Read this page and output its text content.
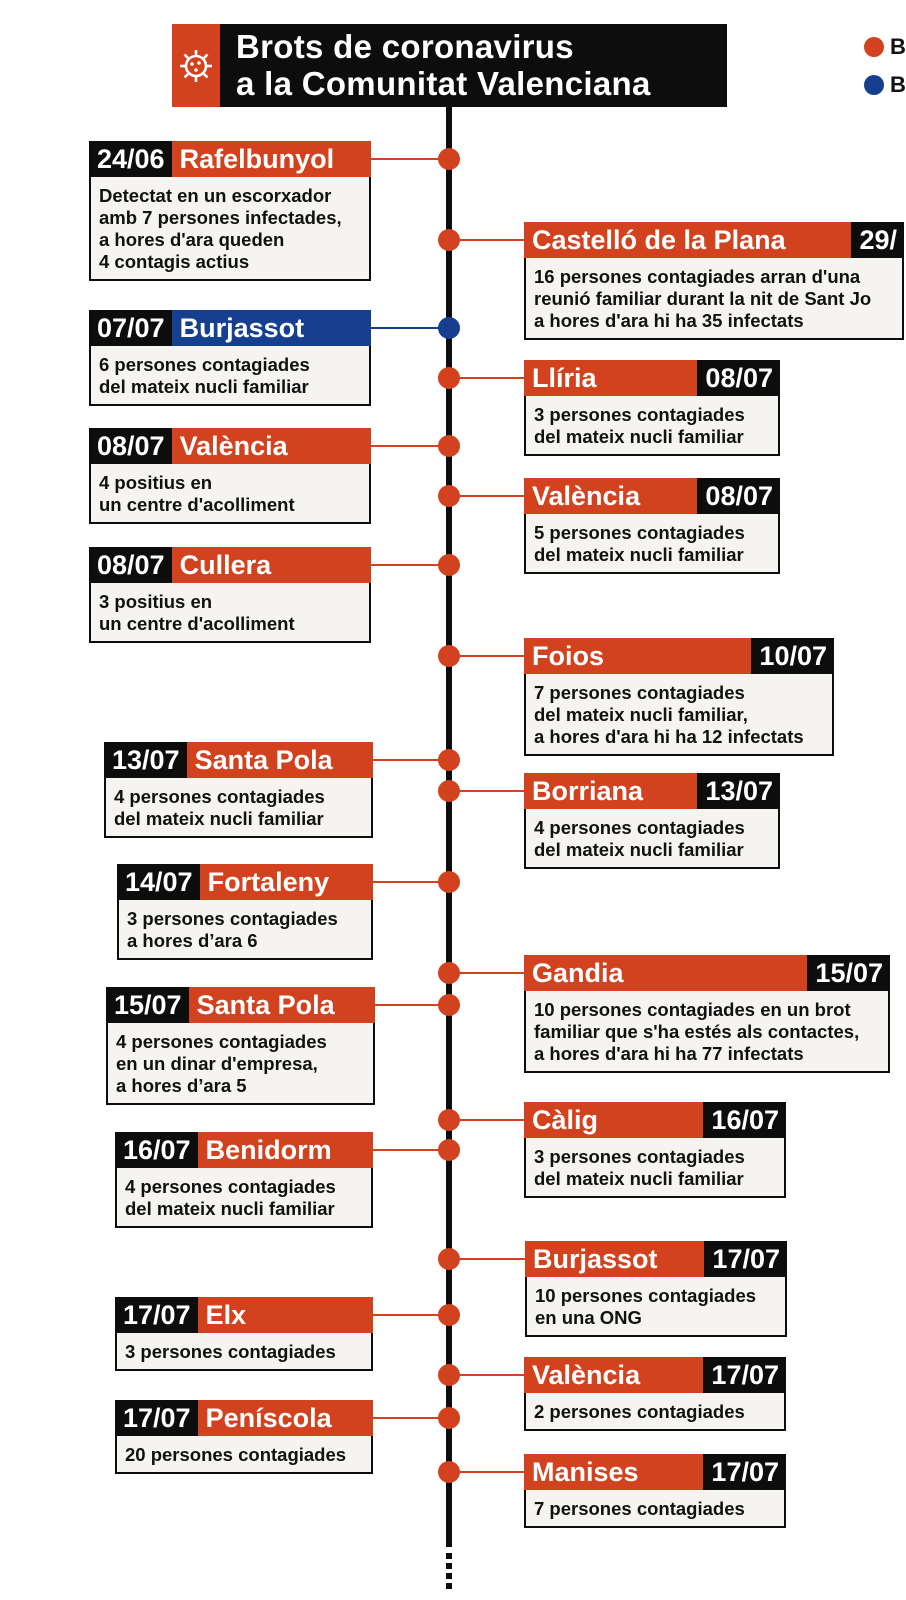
Brots de coronavirus
a la Comunitat Valenciana
B
B
24/06 Rafelbunyol
Detectat en un escorxador
amb 7 persones infectades,
a hores d'ara queden
4 contagis actius
Castelló de la Plana	29/
16 persones contagiades arran d'una
reunió familiar durant la nit de Sant Jo
a hores d'ara hi ha 35 infectats
07/07 Burjassot
6 persones contagiades
del mateix nucli familiar	Llíria	08/07
3 persones contagiades
del mateix nucli familiar
08/07 València
4 positius en
un centre d'acolliment	València	08/07
5 persones contagiades
del mateix nucli familiar
08/07 Cullera
3 positius en
un centre d'acolliment
Foios	10/07
7 persones contagiades
del mateix nucli familiar,
a hores d'ara hi ha 12 infectats
13/07 Santa Pola
4 persones contagiades
del mateix nucli familiar
Borriana	13/07
4 persones contagiades
del mateix nucli familiar
14/07 Fortaleny
3 persones contagiades
a hores d’ara 6
Gandia	15/07
10 persones contagiades en un brot
familiar que s'ha estés als contactes,
a hores d'ara hi ha 77 infectats
15/07 Santa Pola
4 persones contagiades
en un dinar d'empresa,
a hores d’ara 5
Càlig	16/07
3 persones contagiades
del mateix nucli familiar
16/07 Benidorm
4 persones contagiades
del mateix nucli familiar
Burjassot	17/07
10 persones contagiades
en una ONG
17/07 Elx
3 persones contagiades
València	17/07
2 persones contagiades
17/07 Peníscola
20 persones contagiades
Manises	17/07
7 persones contagiades
